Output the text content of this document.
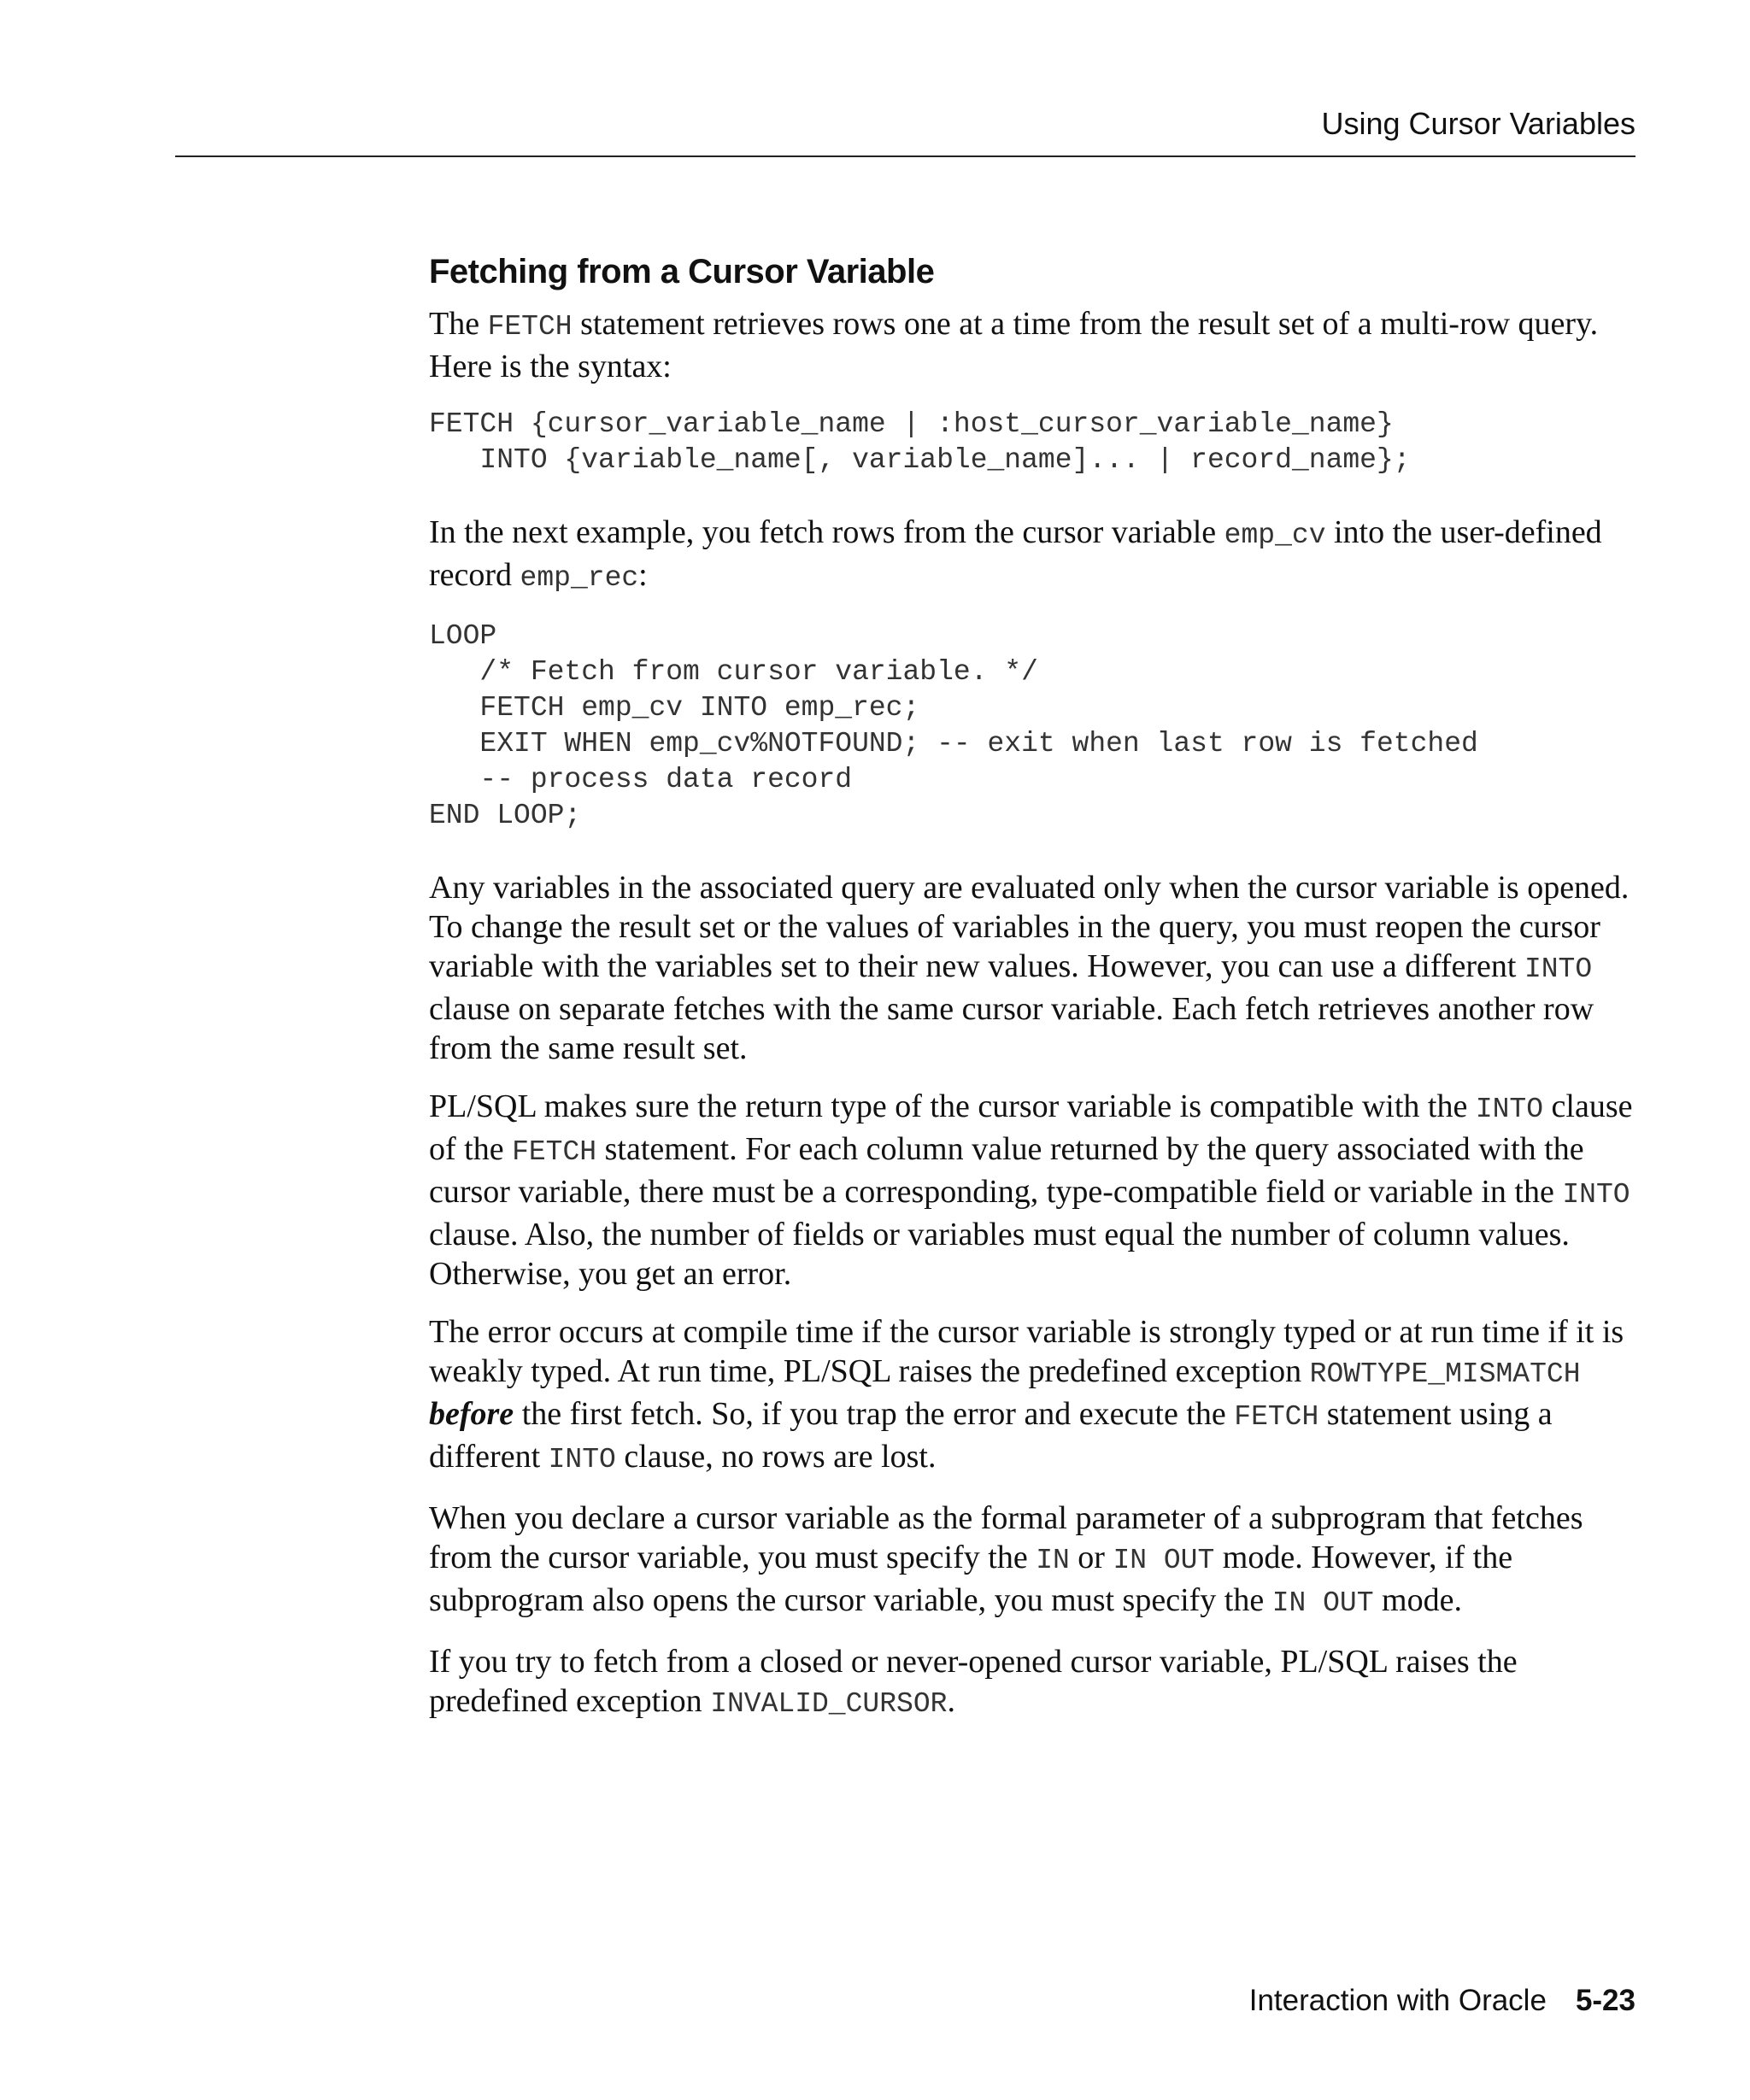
Using Cursor Variables
Fetching from a Cursor Variable

The FETCH statement retrieves rows one at a time from the result set of a multi-row query. Here is the syntax:

FETCH {cursor_variable_name | :host_cursor_variable_name}
INTO {variable_name[, variable_name]... | record_name};

In the next example, you fetch rows from the cursor variable emp_cv into the user-defined record emp_rec:

LOOP
/* Fetch from cursor variable. */
FETCH emp_cv INTO emp_rec;
EXIT WHEN emp_cv%NOTFOUND; -- exit when last row is fetched
-- process data record
END LOOP;

Any variables in the associated query are evaluated only when the cursor variable is opened. To change the result set or the values of variables in the query, you must reopen the cursor variable with the variables set to their new values. However, you can use a different INTO clause on separate fetches with the same cursor variable. Each fetch retrieves another row from the same result set.

PL/SQL makes sure the return type of the cursor variable is compatible with the INTO clause of the FETCH statement. For each column value returned by the query associated with the cursor variable, there must be a corresponding, type-compatible field or variable in the INTO clause. Also, the number of fields or variables must equal the number of column values. Otherwise, you get an error.

The error occurs at compile time if the cursor variable is strongly typed or at run time if it is weakly typed. At run time, PL/SQL raises the predefined exception ROWTYPE_MISMATCH before the first fetch. So, if you trap the error and execute the FETCH statement using a different INTO clause, no rows are lost.

When you declare a cursor variable as the formal parameter of a subprogram that fetches from the cursor variable, you must specify the IN or IN OUT mode. However, if the subprogram also opens the cursor variable, you must specify the IN OUT mode.

If you try to fetch from a closed or never-opened cursor variable, PL/SQL raises the predefined exception INVALID_CURSOR.

Interaction with Oracle 5-23
